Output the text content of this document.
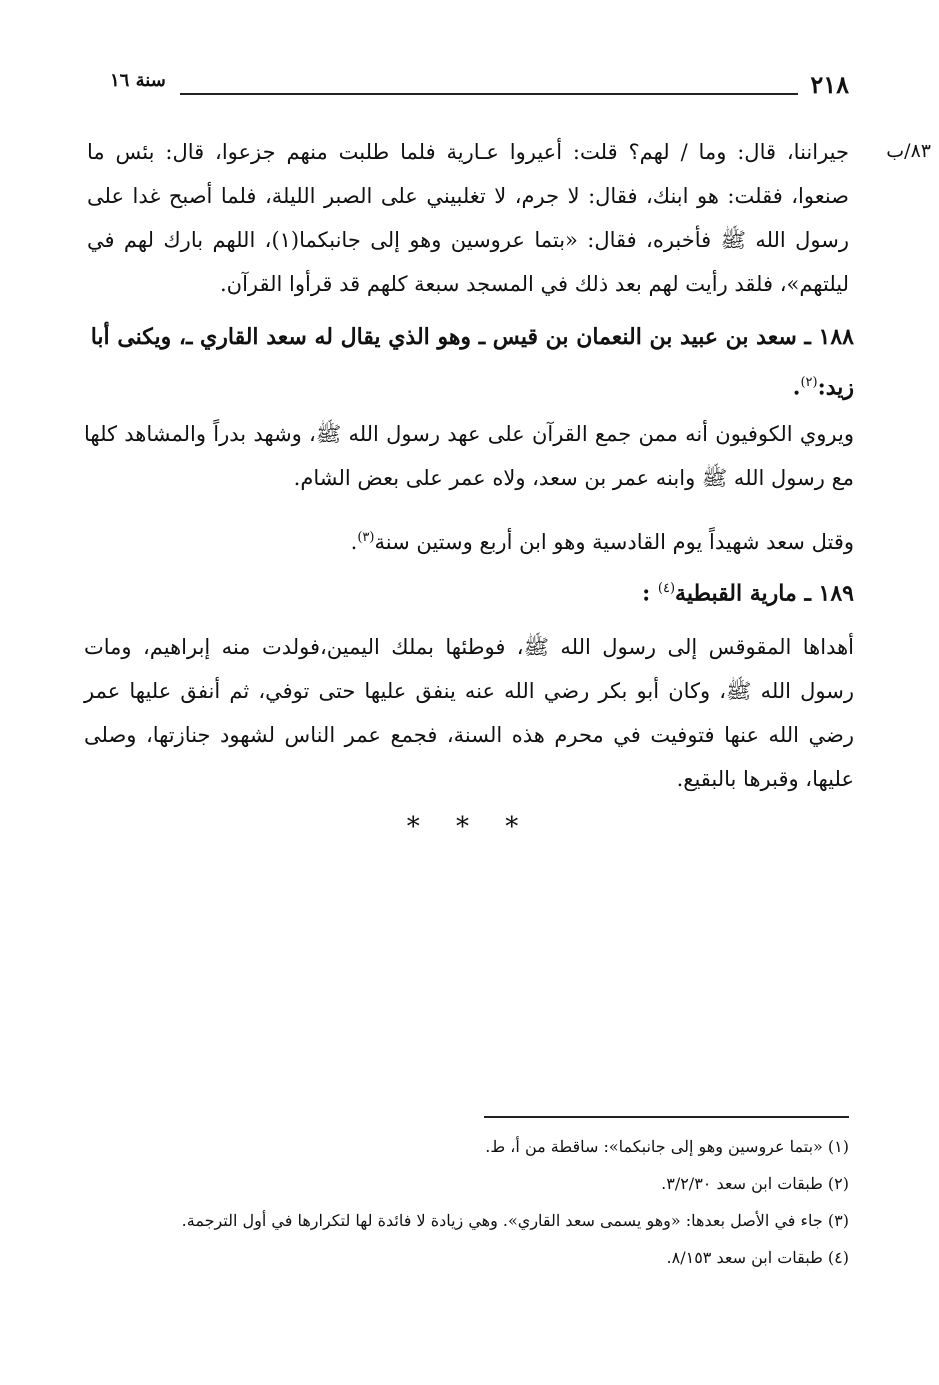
٢١٨
سنة ١٦
٨٣/ب

جيراننا، قال: وما / لهم؟ قلت: أعيروا عـارية فلما طلبت منهم جزعوا، قال: بئس ما صنعوا، فقلت: هو ابنك، فقال: لا جرم، لا تغلبيني على الصبر الليلة، فلما أصبح غدا على رسول الله ﷺ فأخبره، فقال: «بتما عروسين وهو إلى جانبكما(١)، اللهم بارك لهم في ليلتهم»، فلقد رأيت لهم بعد ذلك في المسجد سبعة كلهم قد قرأوا القرآن.

١٨٨ ـ سعد بن عبيد بن النعمان بن قيس ـ وهو الذي يقال له سعد القاري ـ، ويكنى أبا زيد:$^{(٢)}$.

ويروي الكوفيون أنه ممن جمع القرآن على عهد رسول الله ﷺ، وشهد بدراً والمشاهد كلها مع رسول الله ﷺ وابنه عمر بن سعد، ولاه عمر على بعض الشام.

وقتل سعد شهيداً يوم القادسية وهو ابن أربع وستين سنة$^{(٣)}$.

١٨٩ ـ مارية القبطية$^{(٤)}$ :

أهداها المقوقس إلى رسول الله ﷺ، فوطئها بملك اليمين،فولدت منه إبراهيم، ومات رسول الله ﷺ، وكان أبو بكر رضي الله عنه ينفق عليها حتى توفي، ثم أنفق عليها عمر رضي الله عنها فتوفيت في محرم هذه السنة، فجمع عمر الناس لشهود جنازتها، وصلى عليها، وقبرها بالبقيع.

* * *
(١) «بتما عروسين وهو إلى جانبكما»: ساقطة من أ، ط.
(٢) طبقات ابن سعد ٣/٢/٣٠.
(٣) جاء في الأصل بعدها: «وهو يسمى سعد القاري». وهي زيادة لا فائدة لها لتكرارها في أول الترجمة.
(٤) طبقات ابن سعد ٨/١٥٣.
